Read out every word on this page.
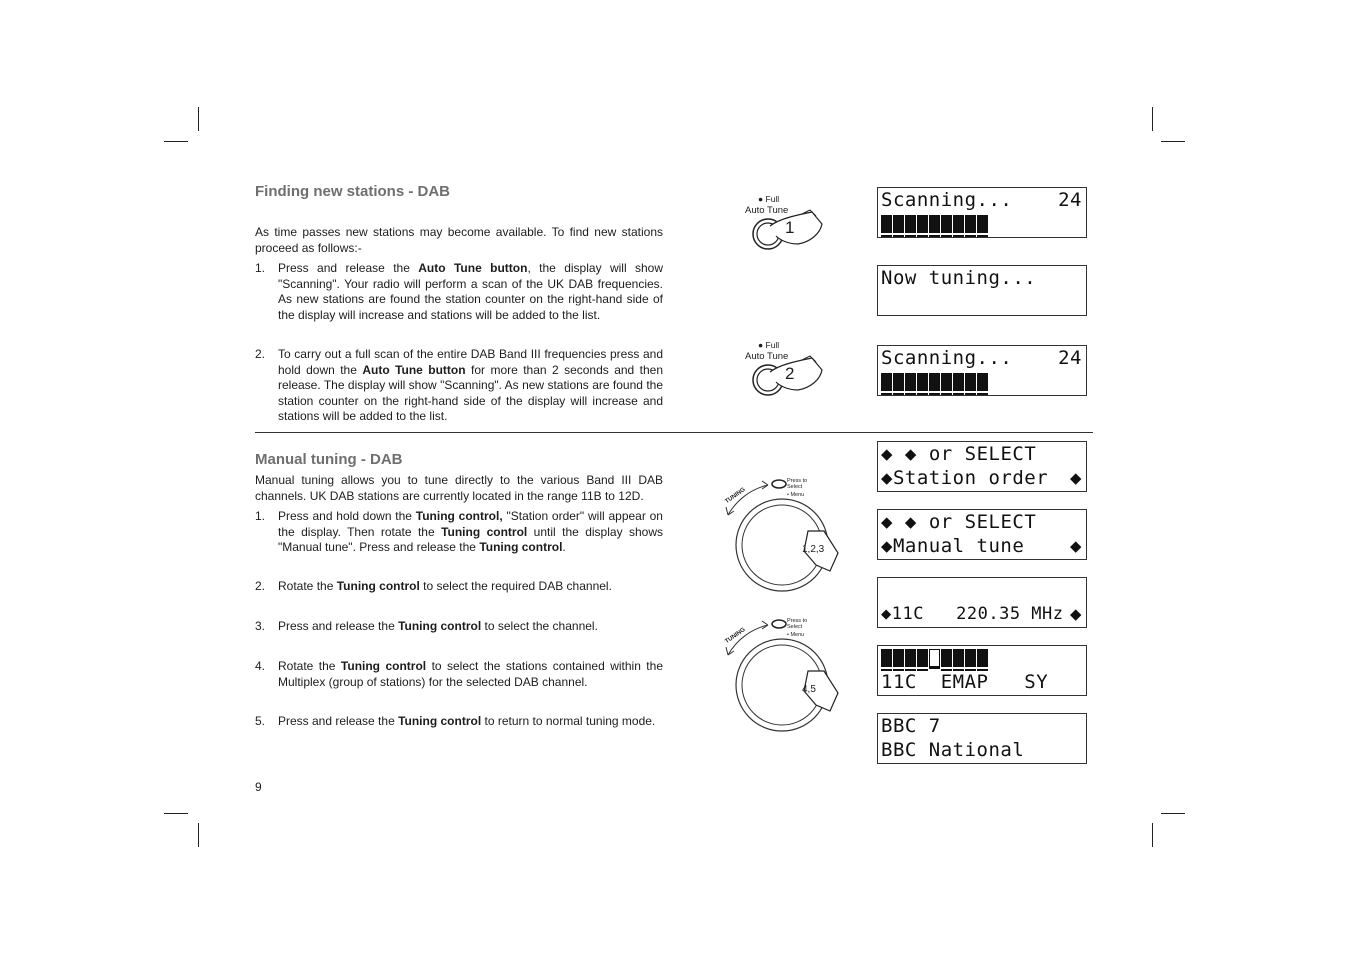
Finding new stations - DAB

As time passes new stations may become available. To find new stations proceed as follows:-

1. Press and release the Auto Tune button, the display will show "Scanning". Your radio will perform a scan of the UK DAB frequencies. As new stations are found the station counter on the right-hand side of the display will increase and stations will be added to the list.
2. To carry out a full scan of the entire DAB Band III frequencies press and hold down the Auto Tune button for more than 2 seconds and then release. The display will show "Scanning". As new stations are found the station counter on the right-hand side of the display will increase and stations will be added to the list.
Manual tuning - DAB

Manual tuning allows you to tune directly to the various Band III DAB channels. UK DAB stations are currently located in the range 11B to 12D.

1. Press and hold down the Tuning control, "Station order" will appear on the display. Then rotate the Tuning control until the display shows "Manual tune". Press and release the Tuning control.
2. Rotate the Tuning control to select the required DAB channel.
3. Press and release the Tuning control to select the channel.
4. Rotate the Tuning control to select the stations contained within the Multiplex (group of stations) for the selected DAB channel.
5. Press and release the Tuning control to return to normal tuning mode.
9
● Full
Auto Tune
1
● Full
Auto Tune
2
TUNING
Press to
Select
• Menu
1,2,3
TUNING
Press to
Select
• Menu
4,5
Scanning...	24
Now tuning...
Scanning...	24
◆ ◆ or SELECT
◆Station order	◆
◆ ◆ or SELECT
◆Manual tune	◆
◆11C   220.35 MHz ◆
11C  EMAP   SY
BBC 7
BBC National
